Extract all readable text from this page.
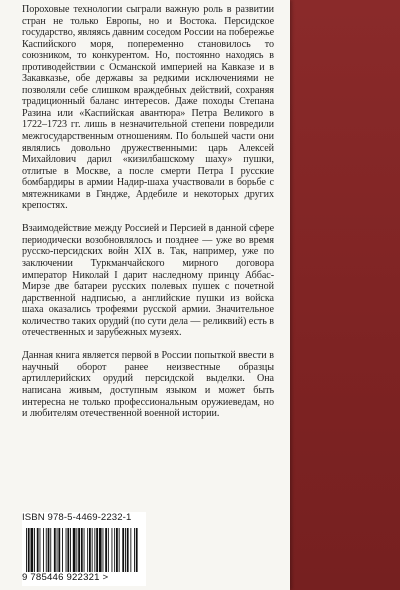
Пороховые технологии сыграли важную роль в развитии стран не только Европы, но и Востока. Персидское государство, являясь давним соседом России на побережье Каспийского моря, попеременно становилось то союзником, то конкурентом. Но, постоянно находясь в противодействии с Османской империей на Кавказе и в Закавказье, обе державы за редкими исключениями не позволяли себе слишком враждебных действий, сохраняя традиционный баланс интересов. Даже походы Степана Разина или «Каспийская авантюра» Петра Великого в 1722–1723 гг. лишь в незначительной степени повредили межгосударственным отношениям. По большей части они являлись довольно дружественными: царь Алексей Михайлович дарил «кизилбашскому шаху» пушки, отлитые в Москве, а после смерти Петра I русские бомбардиры в армии Надир-шаха участвовали в борьбе с мятежниками в Гяндже, Ардебиле и некоторых других крепостях.

Взаимодействие между Россией и Персией в данной сфере периодически возобновлялось и позднее — уже во время русско-персидских войн XIX в. Так, например, уже по заключении Туркманчайского мирного договора император Николай I дарит наследному принцу Аббас-Мирзе две батареи русских полевых пушек с почетной дарственной надписью, а английские пушки из войска шаха оказались трофеями русской армии. Значительное количество таких орудий (по сути дела — реликвий) есть в отечественных и зарубежных музеях.

Данная книга является первой в России попыткой ввести в научный оборот ранее неизвестные образцы артиллерийских орудий персидской выделки. Она написана живым, доступным языком и может быть интересна не только профессиональным оружиеведам, но и любителям отечественной военной истории.

ISBN 978-5-4469-2232-1
9 785446 922321 >
